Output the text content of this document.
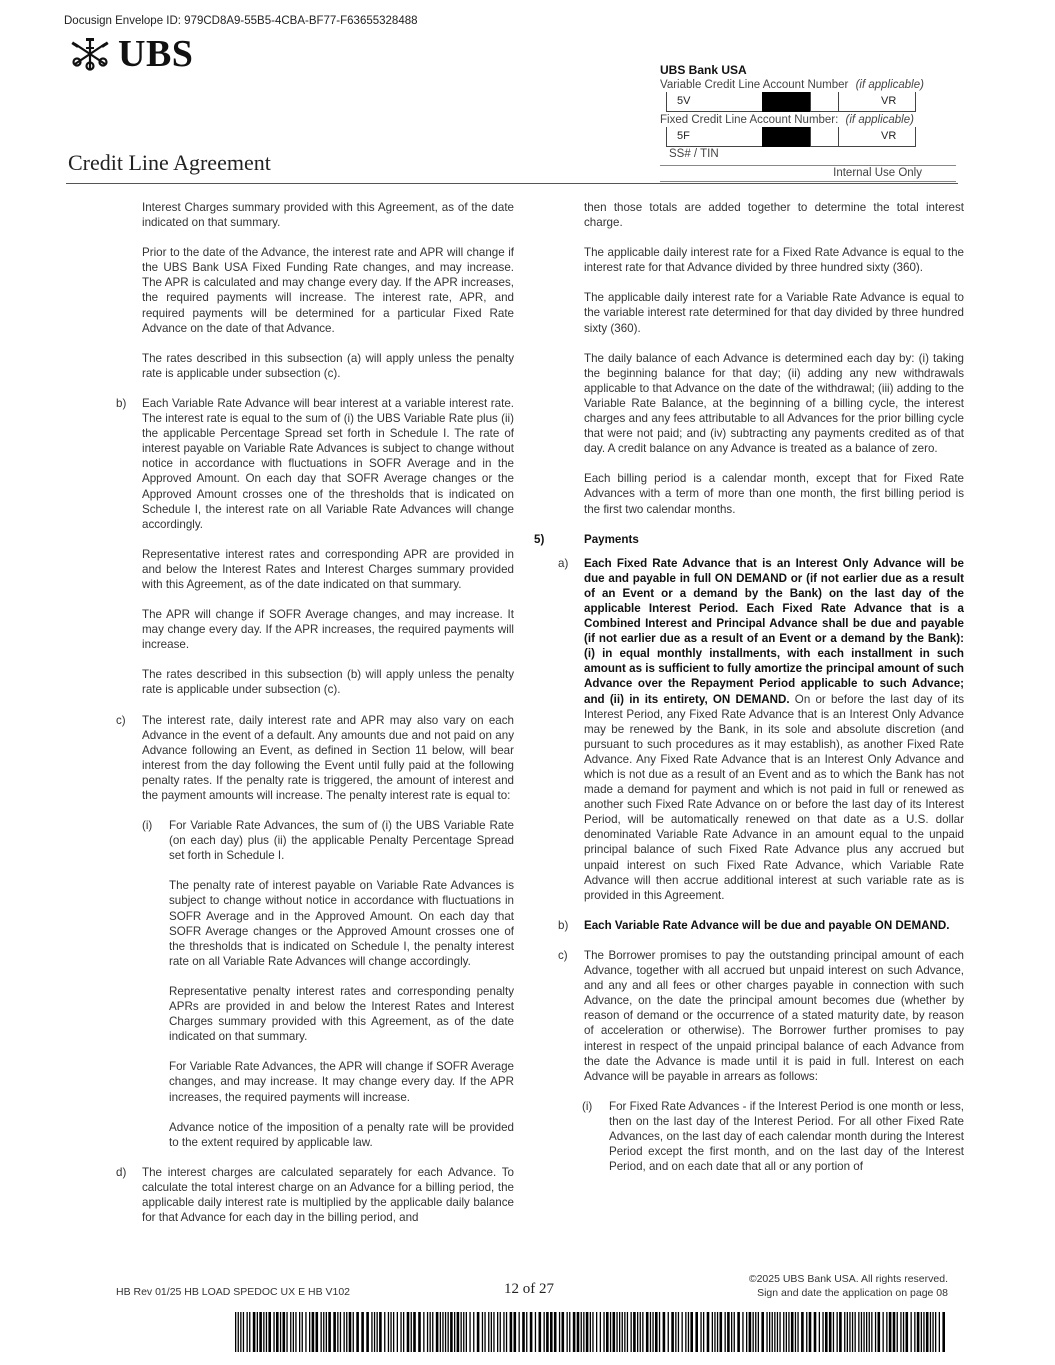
Docusign Envelope ID: 979CD8A9-55B5-4CBA-BF77-F63655328488
UBS	UBS Bank USA
Variable Credit Line Account Number (if applicable)
5V	VR
Fixed Credit Line Account Number: (if applicable)
5F	VR
SS# / TIN
Internal Use Only
Credit Line Agreement

Interest Charges summary provided with this Agreement, as of the date indicated on that summary.

Prior to the date of the Advance, the interest rate and APR will change if the UBS Bank USA Fixed Funding Rate changes, and may increase. The APR is calculated and may change every day. If the APR increases, the required payments will increase. The interest rate, APR, and required payments will be determined for a particular Fixed Rate Advance on the date of that Advance.

The rates described in this subsection (a) will apply unless the penalty rate is applicable under subsection (c).

b) Each Variable Rate Advance will bear interest at a variable interest rate. The interest rate is equal to the sum of (i) the UBS Variable Rate plus (ii) the applicable Percentage Spread set forth in Schedule I. The rate of interest payable on Variable Rate Advances is subject to change without notice in accordance with fluctuations in SOFR Average and in the Approved Amount. On each day that SOFR Average changes or the Approved Amount crosses one of the thresholds that is indicated on Schedule I, the interest rate on all Variable Rate Advances will change accordingly.

Representative interest rates and corresponding APR are provided in and below the Interest Rates and Interest Charges summary provided with this Agreement, as of the date indicated on that summary.

The APR will change if SOFR Average changes, and may increase. It may change every day. If the APR increases, the required payments will increase.

The rates described in this subsection (b) will apply unless the penalty rate is applicable under subsection (c).

c) The interest rate, daily interest rate and APR may also vary on each Advance in the event of a default. Any amounts due and not paid on any Advance following an Event, as defined in Section 11 below, will bear interest from the day following the Event until fully paid at the following penalty rates. If the penalty rate is triggered, the amount of interest and the payment amounts will increase. The penalty interest rate is equal to:

(i) For Variable Rate Advances, the sum of (i) the UBS Variable Rate (on each day) plus (ii) the applicable Penalty Percentage Spread set forth in Schedule I.

The penalty rate of interest payable on Variable Rate Advances is subject to change without notice in accordance with fluctuations in SOFR Average and in the Approved Amount. On each day that SOFR Average changes or the Approved Amount crosses one of the thresholds that is indicated on Schedule I, the penalty interest rate on all Variable Rate Advances will change accordingly.

Representative penalty interest rates and corresponding penalty APRs are provided in and below the Interest Rates and Interest Charges summary provided with this Agreement, as of the date indicated on that summary.

For Variable Rate Advances, the APR will change if SOFR Average changes, and may increase. It may change every day. If the APR increases, the required payments will increase.

Advance notice of the imposition of a penalty rate will be provided to the extent required by applicable law.

d) The interest charges are calculated separately for each Advance. To calculate the total interest charge on an Advance for a billing period, the applicable daily interest rate is multiplied by the applicable daily balance for that Advance for each day in the billing period, and

then those totals are added together to determine the total interest charge.

The applicable daily interest rate for a Fixed Rate Advance is equal to the interest rate for that Advance divided by three hundred sixty (360).

The applicable daily interest rate for a Variable Rate Advance is equal to the variable interest rate determined for that day divided by three hundred sixty (360).

The daily balance of each Advance is determined each day by: (i) taking the beginning balance for that day; (ii) adding any new withdrawals applicable to that Advance on the date of the withdrawal; (iii) adding to the Variable Rate Balance, at the beginning of a billing cycle, the interest charges and any fees attributable to all Advances for the prior billing cycle that were not paid; and (iv) subtracting any payments credited as of that day. A credit balance on any Advance is treated as a balance of zero.

Each billing period is a calendar month, except that for Fixed Rate Advances with a term of more than one month, the first billing period is the first two calendar months.

5)	Payments
a) Each Fixed Rate Advance that is an Interest Only Advance will be due and payable in full ON DEMAND or (if not earlier due as a result of an Event or a demand by the Bank) on the last day of the applicable Interest Period. Each Fixed Rate Advance that is a Combined Interest and Principal Advance shall be due and payable (if not earlier due as a result of an Event or a demand by the Bank): (i) in equal monthly installments, with each installment in such amount as is sufficient to fully amortize the principal amount of such Advance over the Repayment Period applicable to such Advance; and (ii) in its entirety, ON DEMAND. On or before the last day of its Interest Period, any Fixed Rate Advance that is an Interest Only Advance may be renewed by the Bank, in its sole and absolute discretion (and pursuant to such procedures as it may establish), as another Fixed Rate Advance. Any Fixed Rate Advance that is an Interest Only Advance and which is not due as a result of an Event and as to which the Bank has not made a demand for payment and which is not paid in full or renewed as another such Fixed Rate Advance on or before the last day of its Interest Period, will be automatically renewed on that date as a U.S. dollar denominated Variable Rate Advance in an amount equal to the unpaid principal balance of such Fixed Rate Advance plus any accrued but unpaid interest on such Fixed Rate Advance, which Variable Rate Advance will then accrue additional interest at such variable rate as is provided in this Agreement.

b) Each Variable Rate Advance will be due and payable ON DEMAND.

c) The Borrower promises to pay the outstanding principal amount of each Advance, together with all accrued but unpaid interest on such Advance, and any and all fees or other charges payable in connection with such Advance, on the date the principal amount becomes due (whether by reason of demand or the occurrence of a stated maturity date, by reason of acceleration or otherwise). The Borrower further promises to pay interest in respect of the unpaid principal balance of each Advance from the date the Advance is made until it is paid in full. Interest on each Advance will be payable in arrears as follows:

(i) For Fixed Rate Advances - if the Interest Period is one month or less, then on the last day of the Interest Period. For all other Fixed Rate Advances, on the last day of each calendar month during the Interest Period except the first month, and on the last day of the Interest Period, and on each date that all or any portion of

HB Rev 01/25 HB LOAD SPEDOC UX E HB V102	12 of 27
©2025 UBS Bank USA. All rights reserved.
Sign and date the application on page 08
